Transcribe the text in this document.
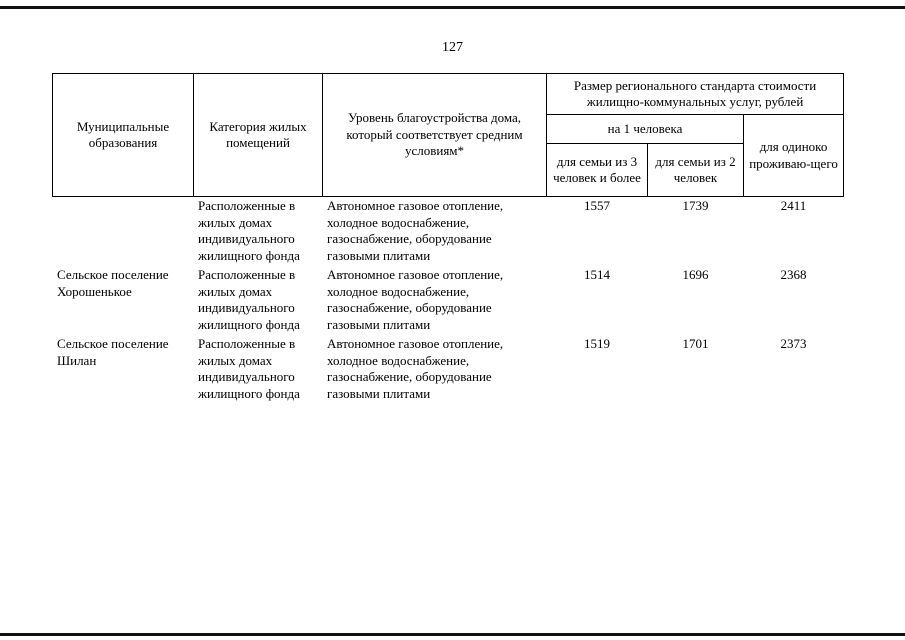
127
Муниципальные образования	Категория жилых помещений	Уровень благоустройства дома, который соответствует средним условиям*	Размер регионального стандарта стоимости жилищно-коммунальных услуг, рублей		
			на 1 человека		для одиноко проживаю-щего
			для семьи из 3 человек и более	для семьи из 2 человек	
	Расположенные в жилых домах индивидуального жилищного фонда	Автономное газовое отопление, холодное водоснабжение, газоснабжение, оборудование газовыми плитами	1557	1739	2411
Сельское поселение Хорошенькое	Расположенные в жилых домах индивидуального жилищного фонда	Автономное газовое отопление, холодное водоснабжение, газоснабжение, оборудование газовыми плитами	1514	1696	2368
Сельское поселение Шилан	Расположенные в жилых домах индивидуального жилищного фонда	Автономное газовое отопление, холодное водоснабжение, газоснабжение, оборудование газовыми плитами	1519	1701	2373
